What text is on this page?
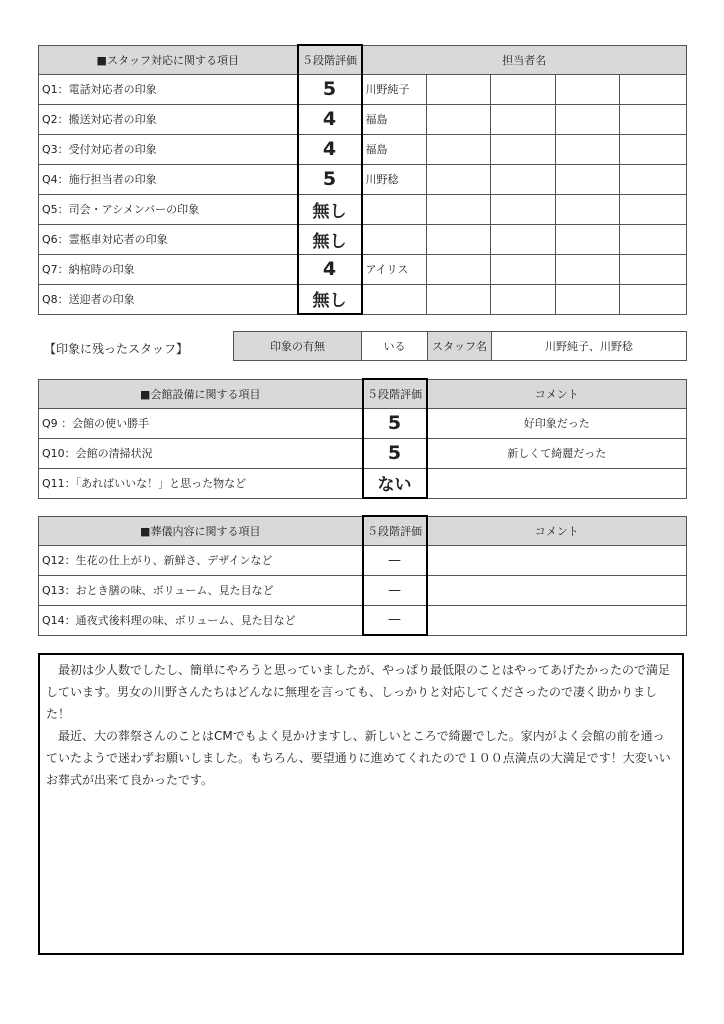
■スタッフ対応に関する項目	５段階評価	担当者名				
Q1：電話対応者の印象	5	川野純子				
Q2：搬送対応者の印象	4	福島				
Q3：受付対応者の印象	4	福島				
Q4：施行担当者の印象	5	川野稔				
Q5：司会・アシメンバーの印象	無し					
Q6：霊柩車対応者の印象	無し					
Q7：納棺時の印象	4	アイリス				
Q8：送迎者の印象	無し					
【印象に残ったスタッフ】	印象の有無	いる	スタッフ名	川野純子、川野稔
■会館設備に関する項目	５段階評価	コメント
Q9 ：会館の使い勝手	5	好印象だった
Q10：会館の清掃状況	5	新しくて綺麗だった
Q11：「あればいいな！」と思った物など	ない	
■葬儀内容に関する項目	５段階評価	コメント
Q12：生花の仕上がり、新鮮さ、デザインなど	—	
Q13：おとき膳の味、ボリューム、見た目など	—	
Q14：通夜式後料理の味、ボリューム、見た目など	—	
　最初は少人数でしたし、簡単にやろうと思っていましたが、やっぱり最低限のことはやってあげたかったので満足しています。男女の川野さんたちはどんなに無理を言っても、しっかりと対応してくださったので凄く助かりました！
　最近、大の葬祭さんのことはCMでもよく見かけますし、新しいところで綺麗でした。家内がよく会館の前を通っていたようで迷わずお願いしました。もちろん、要望通りに進めてくれたので１００点満点の大満足です！大変いいお葬式が出来て良かったです。
